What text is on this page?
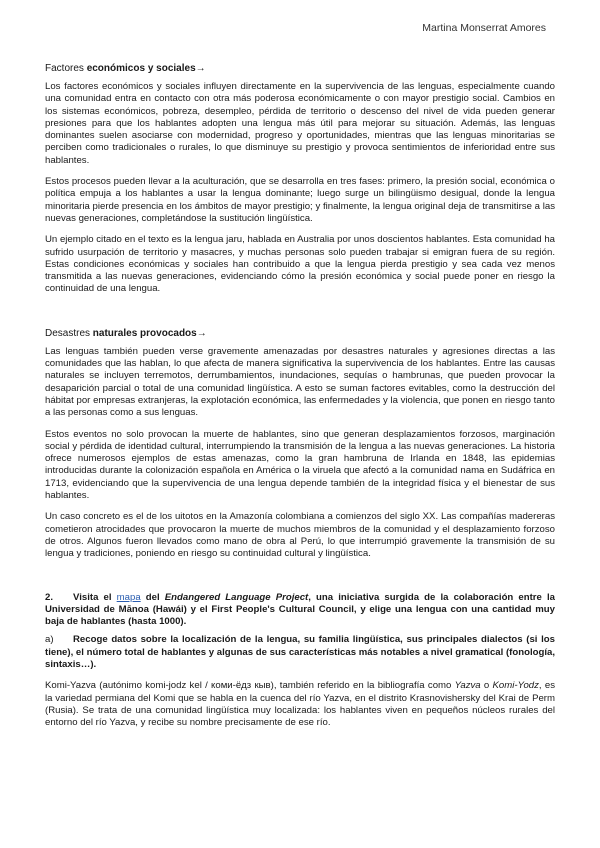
Martina Monserrat Amores
Factores económicos y sociales→

Los factores económicos y sociales influyen directamente en la supervivencia de las lenguas, especialmente cuando una comunidad entra en contacto con otra más poderosa económicamente o con mayor prestigio social. Cambios en los sistemas económicos, pobreza, desempleo, pérdida de territorio o descenso del nivel de vida pueden generar presiones para que los hablantes adopten una lengua más útil para mejorar su situación. Además, las lenguas dominantes suelen asociarse con modernidad, progreso y oportunidades, mientras que las lenguas minoritarias se perciben como tradicionales o rurales, lo que disminuye su prestigio y provoca sentimientos de inferioridad entre sus hablantes.

Estos procesos pueden llevar a la aculturación, que se desarrolla en tres fases: primero, la presión social, económica o política empuja a los hablantes a usar la lengua dominante; luego surge un bilingüismo desigual, donde la lengua minoritaria pierde presencia en los ámbitos de mayor prestigio; y finalmente, la lengua original deja de transmitirse a las nuevas generaciones, completándose la sustitución lingüística.

Un ejemplo citado en el texto es la lengua jaru, hablada en Australia por unos doscientos hablantes. Esta comunidad ha sufrido usurpación de territorio y masacres, y muchas personas solo pueden trabajar si emigran fuera de su región. Estas condiciones económicas y sociales han contribuido a que la lengua pierda prestigio y sea cada vez menos transmitida a las nuevas generaciones, evidenciando cómo la presión económica y social puede poner en riesgo la continuidad de una lengua.

Desastres naturales provocados→

Las lenguas también pueden verse gravemente amenazadas por desastres naturales y agresiones directas a las comunidades que las hablan, lo que afecta de manera significativa la supervivencia de los hablantes. Entre las causas naturales se incluyen terremotos, derrumbamientos, inundaciones, sequías o hambrunas, que pueden provocar la desaparición parcial o total de una comunidad lingüística. A esto se suman factores evitables, como la destrucción del hábitat por empresas extranjeras, la explotación económica, las enfermedades y la violencia, que ponen en riesgo tanto a las personas como a sus lenguas.

Estos eventos no solo provocan la muerte de hablantes, sino que generan desplazamientos forzosos, marginación social y pérdida de identidad cultural, interrumpiendo la transmisión de la lengua a las nuevas generaciones. La historia ofrece numerosos ejemplos de estas amenazas, como la gran hambruna de Irlanda en 1848, las epidemias introducidas durante la colonización española en América o la viruela que afectó a la comunidad nama en Sudáfrica en 1713, evidenciando que la supervivencia de una lengua depende también de la integridad física y el bienestar de sus hablantes.

Un caso concreto es el de los uitotos en la Amazonía colombiana a comienzos del siglo XX. Las compañías madereras cometieron atrocidades que provocaron la muerte de muchos miembros de la comunidad y el desplazamiento forzoso de otros. Algunos fueron llevados como mano de obra al Perú, lo que interrumpió gravemente la transmisión de su lengua y tradiciones, poniendo en riesgo su continuidad cultural y lingüística.

2. Visita el mapa del Endangered Language Project, una iniciativa surgida de la colaboración entre la Universidad de Mānoa (Hawái) y el First People's Cultural Council, y elige una lengua con una cantidad muy baja de hablantes (hasta 1000).
a) Recoge datos sobre la localización de la lengua, su familia lingüística, sus principales dialectos (si los tiene), el número total de hablantes y algunas de sus características más notables a nivel gramatical (fonología, sintaxis…).

Komi-Yazva (autónimo komi-jodz kel / коми-ёдз кыв), también referido en la bibliografía como Yazva o Komi-Yodz, es la variedad permiana del Komi que se habla en la cuenca del río Yazva, en el distrito Krasnovishersky del Krai de Perm (Rusia). Se trata de una comunidad lingüística muy localizada: los hablantes viven en pequeños núcleos rurales del entorno del río Yazva, y recibe su nombre precisamente de ese río.
